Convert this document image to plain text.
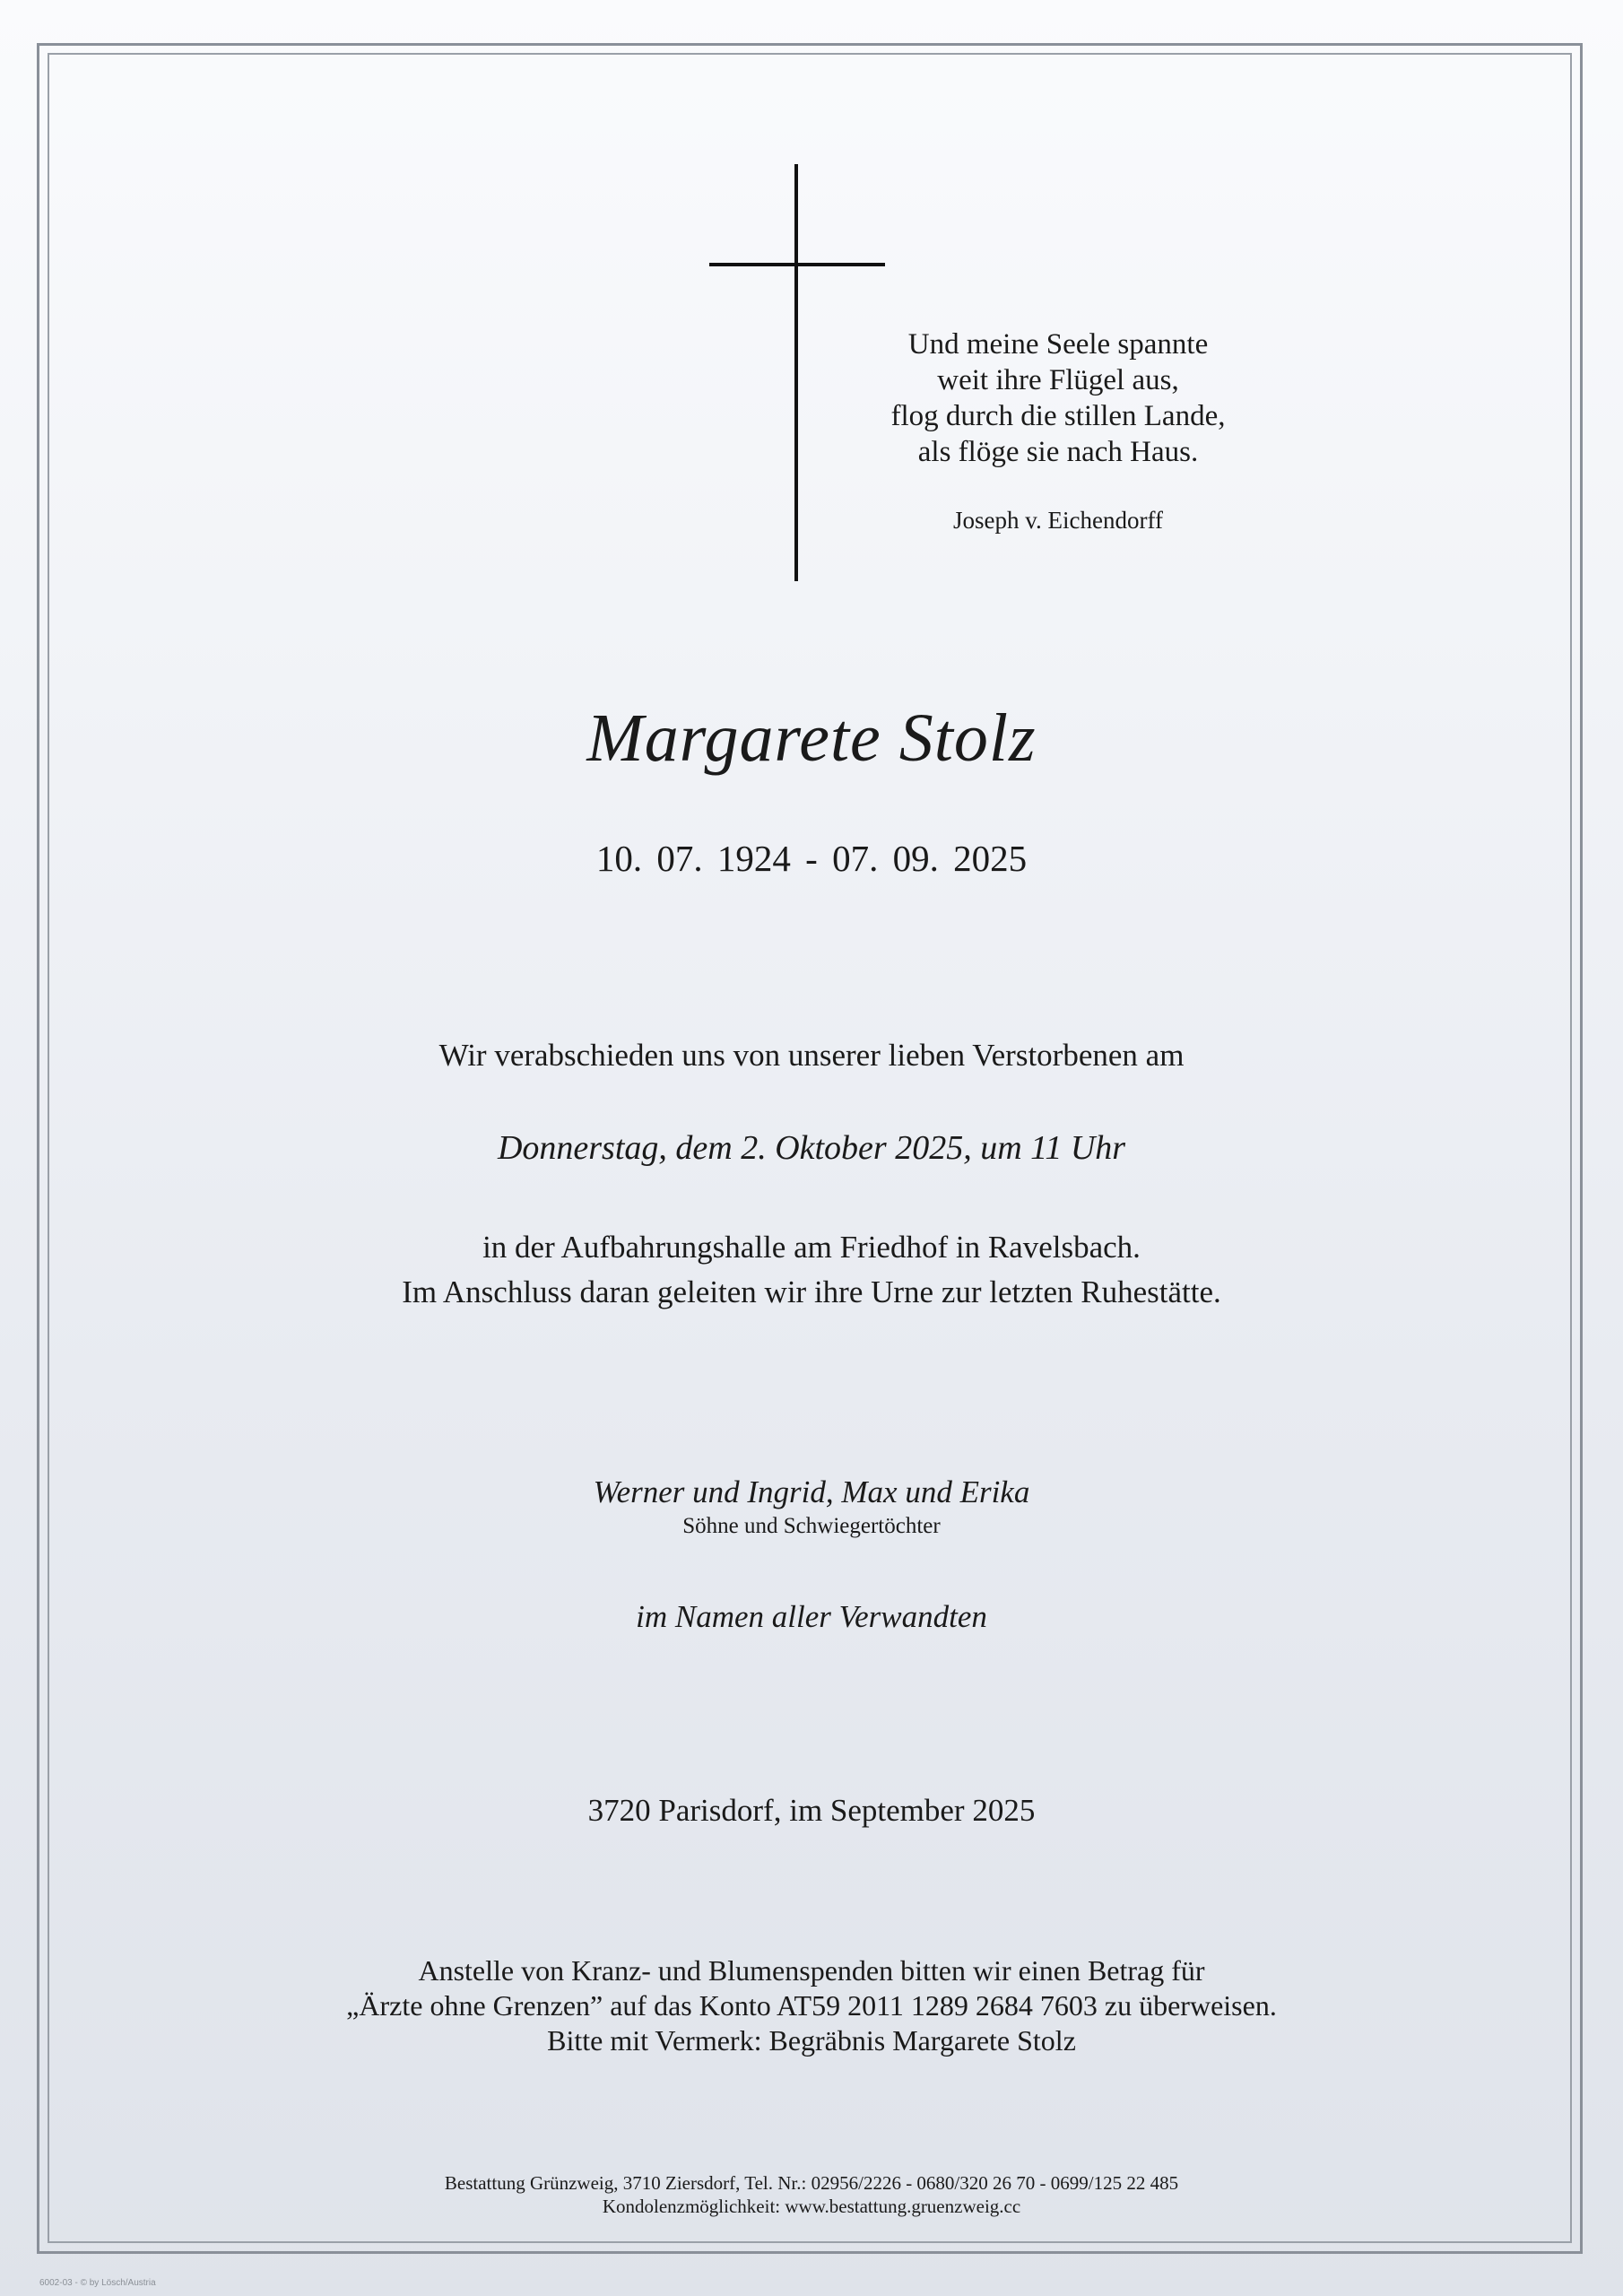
Und meine Seele spannte
weit ihre Flügel aus,
flog durch die stillen Lande,
als flöge sie nach Haus.
Joseph v. Eichendorff
Margarete Stolz
10. 07. 1924 - 07. 09. 2025
Wir verabschieden uns von unserer lieben Verstorbenen am
Donnerstag, dem 2. Oktober 2025, um 11 Uhr
in der Aufbahrungshalle am Friedhof in Ravelsbach.
Im Anschluss daran geleiten wir ihre Urne zur letzten Ruhestätte.
Werner und Ingrid, Max und Erika
Söhne und Schwiegertöchter
im Namen aller Verwandten
3720 Parisdorf, im September 2025
Anstelle von Kranz- und Blumenspenden bitten wir einen Betrag für
„Ärzte ohne Grenzen” auf das Konto AT59 2011 1289 2684 7603 zu überweisen.
Bitte mit Vermerk: Begräbnis Margarete Stolz
Bestattung Grünzweig, 3710 Ziersdorf, Tel. Nr.: 02956/2226 - 0680/320 26 70 - 0699/125 22 485
Kondolenzmöglichkeit: www.bestattung.gruenzweig.cc
6002-03 - © by Lösch/Austria
